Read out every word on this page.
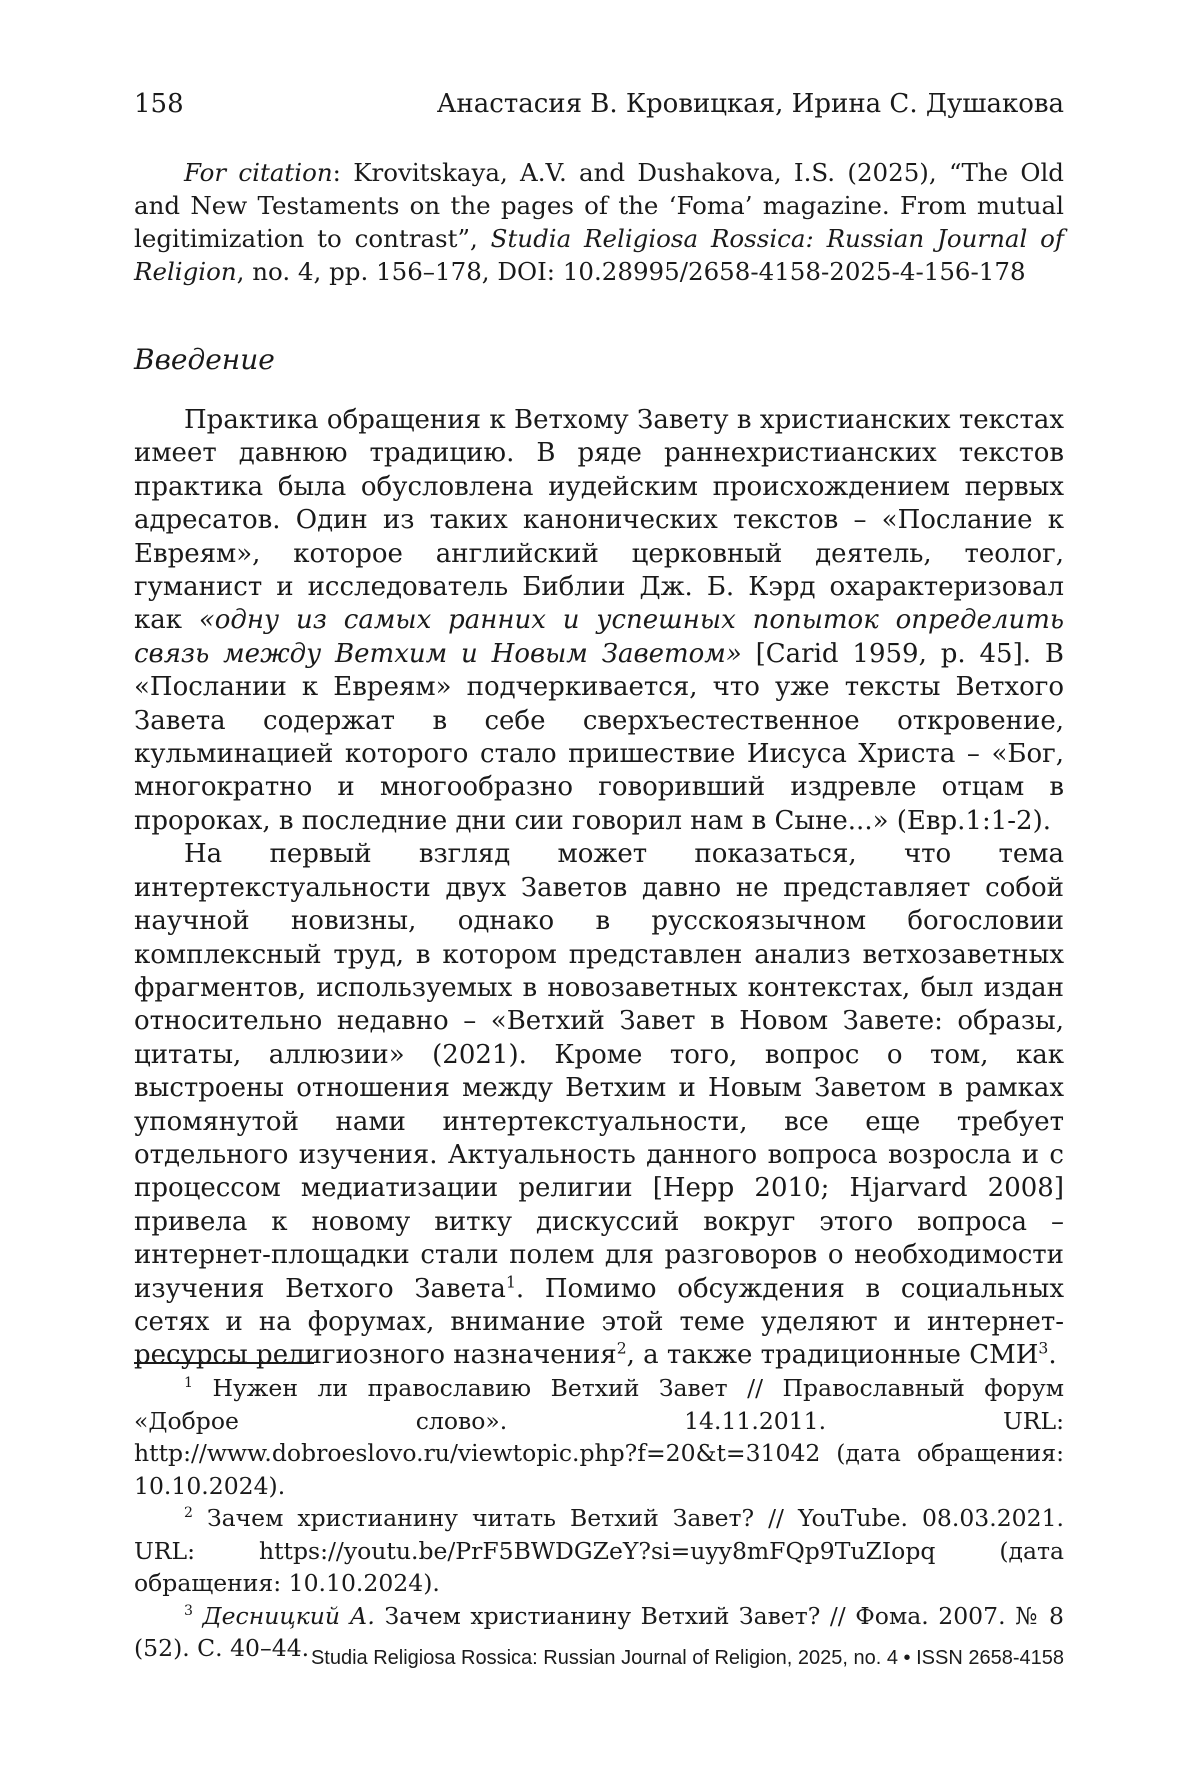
158	Анастасия В. Кровицкая, Ирина С. Душакова

For citation: Krovitskaya, A.V. and Dushakova, I.S. (2025), “The Old and New Testaments on the pages of the ‘Foma’ magazine. From mutual legitimization to contrast”, Studia Religiosa Rossica: Russian Journal of Religion, no. 4, pp. 156–178, DOI: 10.28995/2658-4158-2025-4-156-178

Введение

Практика обращения к Ветхому Завету в христианских текстах имеет давнюю традицию. В ряде раннехристианских текстов практика была обусловлена иудейским происхождением первых адресатов. Один из таких канонических текстов – «Послание к Евреям», которое английский церковный деятель, теолог, гуманист и исследователь Библии Дж. Б. Кэрд охарактеризовал как «одну из самых ранних и успешных попыток определить связь между Ветхим и Новым Заветом» [Carid 1959, p. 45]. В «Послании к Евреям» подчеркивается, что уже тексты Ветхого Завета содержат в себе сверхъестественное откровение, кульминацией которого стало пришествие Иисуса Христа – «Бог, многократно и многообразно говоривший издревле отцам в пророках, в последние дни сии говорил нам в Сыне...» (Евр.1:1-2).

На первый взгляд может показаться, что тема интертекстуальности двух Заветов давно не представляет собой научной новизны, однако в русскоязычном богословии комплексный труд, в котором представлен анализ ветхозаветных фрагментов, используемых в новозаветных контекстах, был издан относительно недавно – «Ветхий Завет в Новом Завете: образы, цитаты, аллюзии» (2021). Кроме того, вопрос о том, как выстроены отношения между Ветхим и Новым Заветом в рамках упомянутой нами интертекстуальности, все еще требует отдельного изучения. Актуальность данного вопроса возросла и с процессом медиатизации религии [Hepp 2010; Hjarvard 2008] привела к новому витку дискуссий вокруг этого вопроса – интернет-площадки стали полем для разговоров о необходимости изучения Ветхого Завета$^1$. Помимо обсуждения в социальных сетях и на форумах, внимание этой теме уделяют и интернет-ресурсы религиозного назначения$^2$, а также традиционные СМИ$^3$.

$^1$ Нужен ли православию Ветхий Завет // Православный форум «Доброе слово». 14.11.2011. URL: http://www.dobroeslovo.ru/viewtopic.php?f=20&t=31042 (дата обращения: 10.10.2024).

$^2$ Зачем христианину читать Ветхий Завет? // YouTube. 08.03.2021. URL: https://youtu.be/PrF5BWDGZeY?si=uyy8mFQp9TuZIopq (дата обращения: 10.10.2024).

$^3$ Десницкий А. Зачем христианину Ветхий Завет? // Фома. 2007. № 8 (52). С. 40–44. Studia Religiosa Rossica: Russian Journal of Religion, 2025, no. 4 • ISSN 2658-4158
